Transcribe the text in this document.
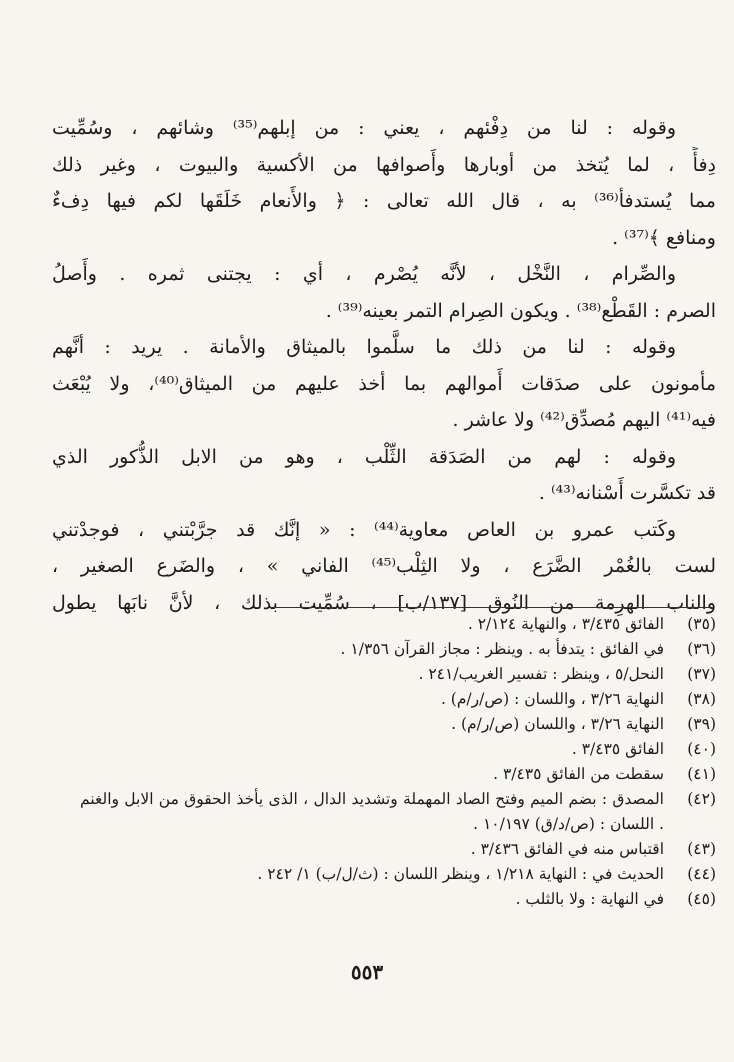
وقوله : لنا من دِفْئهم ، يعني : من إبلهم⁽³⁵⁾ وشائهم ، وسُمِّيت
دِفأً ، لما يُتخذ من أوبارها وأَصوافها من الأكسية والبيوت ، وغير ذلك
مما يُستدفأ⁽³⁶⁾ به ، قال الله تعالى : ﴿ والأَنعام خَلَقَها لكم فيها دِفءٌ
ومنافع ﴾⁽³⁷⁾ .
والصِّرام ، النَّخْل ، لأنَّه يُصْرم ، أي : يجتنى ثمره . وأَصلُ
الصرم : القَطْع⁽³⁸⁾ . ويكون الصِرام التمر بعينه⁽³⁹⁾ .
وقوله : لنا من ذلك ما سلَّموا بالميثاق والأمانة . يريد : أنَّهم
مأمونون على صدَقات أَموالهم بما أخذ عليهم من الميثاق⁽⁴⁰⁾، ولا يُبْعَث
فيه⁽⁴¹⁾ اليهم مُصدِّق⁽⁴²⁾ ولا عاشر .
وقوله : لهم من الصَدَقة الثِّلْب ، وهو من الابل الذُّكور الذي
قد تكسَّرت أَسْنانه⁽⁴³⁾ .
وكَتب عمرو بن العاص معاوية⁽⁴⁴⁾ : « إنَّك قد جرَّبْتني ، فوجدْتني
لست بالغُمْر الضَّرَع ، ولا الثِلْب⁽⁴⁵⁾ الفاني » ، والضَرع الصغير ،
والناب الهرِمة من النُوق [١٣٧/ب] ، سُمِّيت بذلك ، لأنَّ نابَها يطول
(٣٥)
الفائق ٣/٤٣٥ ، والنهاية ٢/١٢٤ .
(٣٦)
في الفائق : يتدفأ به . وينظر : مجاز القرآن ١/٣٥٦ .
(٣٧)
النحل/٥ ، وينظر : تفسير الغريب/٢٤١ .
(٣٨)
النهاية ٣/٢٦ ، واللسان : (ص/ر/م) .
(٣٩)
النهاية ٣/٢٦ ، واللسان (ص/ر/م) .
(٤٠)
الفائق ٣/٤٣٥ .
(٤١)
سقطت من الفائق ٣/٤٣٥ .
(٤٢)
المصدق : بضم الميم وفتح الصاد المهملة وتشديد الدال ، الذى يأخذ الحقوق من الابل والغنم . اللسان : (ص/د/ق) ١٠/١٩٧ .
(٤٣)
اقتباس منه في الفائق ٣/٤٣٦ .
(٤٤)
الحديث في : النهاية ١/٢١٨ ، وينظر اللسان : (ث/ل/ب) ١/ ٢٤٢ .
(٤٥)
في النهاية : ولا بالثلب .
٥٥٣
